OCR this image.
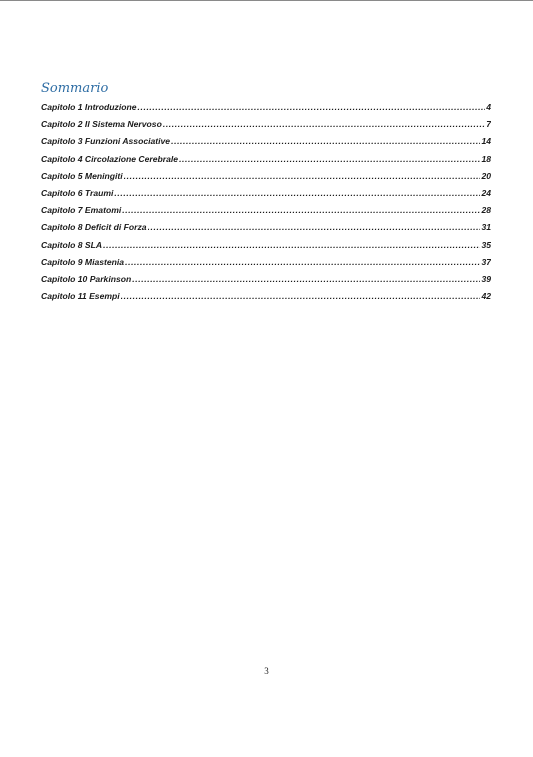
Sommario
Capitolo 1 Introduzione .....	4
Capitolo 2 Il Sistema Nervoso .....	7
Capitolo 3 Funzioni Associative .....	14
Capitolo 4 Circolazione Cerebrale .....	18
Capitolo 5 Meningiti .....	20
Capitolo 6 Traumi .....	24
Capitolo 7 Ematomi .....	28
Capitolo 8 Deficit di Forza .....	31
Capitolo 8 SLA .....	35
Capitolo 9 Miastenia .....	37
Capitolo 10 Parkinson .....	39
Capitolo 11 Esempi .....	42
3
